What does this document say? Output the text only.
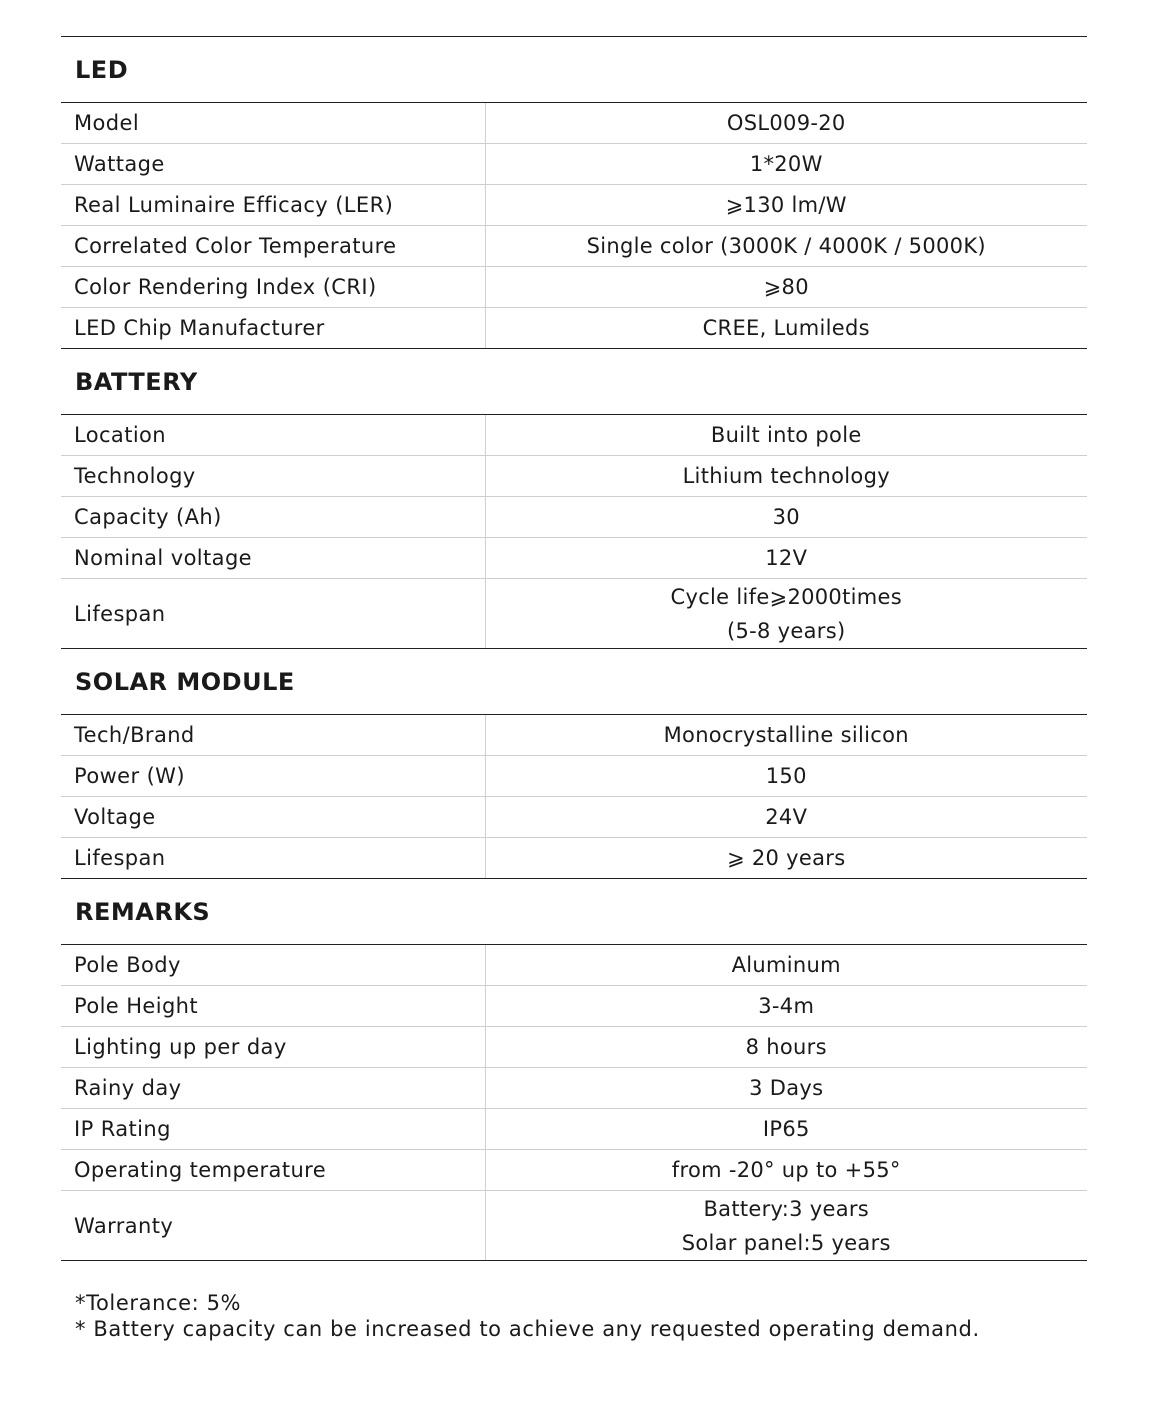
LED
Model	OSL009-20
Wattage	1*20W
Real Luminaire Efficacy (LER)	⩾130 lm/W
Correlated Color Temperature	Single color (3000K / 4000K / 5000K)
Color Rendering Index (CRI)	⩾80
LED Chip Manufacturer	CREE, Lumileds
BATTERY
Location	Built into pole
Technology	Lithium technology
Capacity (Ah)	30
Nominal voltage	12V
Lifespan	Cycle life⩾2000times
(5-8 years)
SOLAR MODULE
Tech/Brand	Monocrystalline silicon
Power (W)	150
Voltage	24V
Lifespan	⩾ 20 years
REMARKS
Pole Body	Aluminum
Pole Height	3-4m
Lighting up per day	8 hours
Rainy day	3 Days
IP Rating	IP65
Operating temperature	from -20° up to +55°
Warranty	Battery:3 years
Solar panel:5 years
*Tolerance: 5%
* Battery capacity can be increased to achieve any requested operating demand.
